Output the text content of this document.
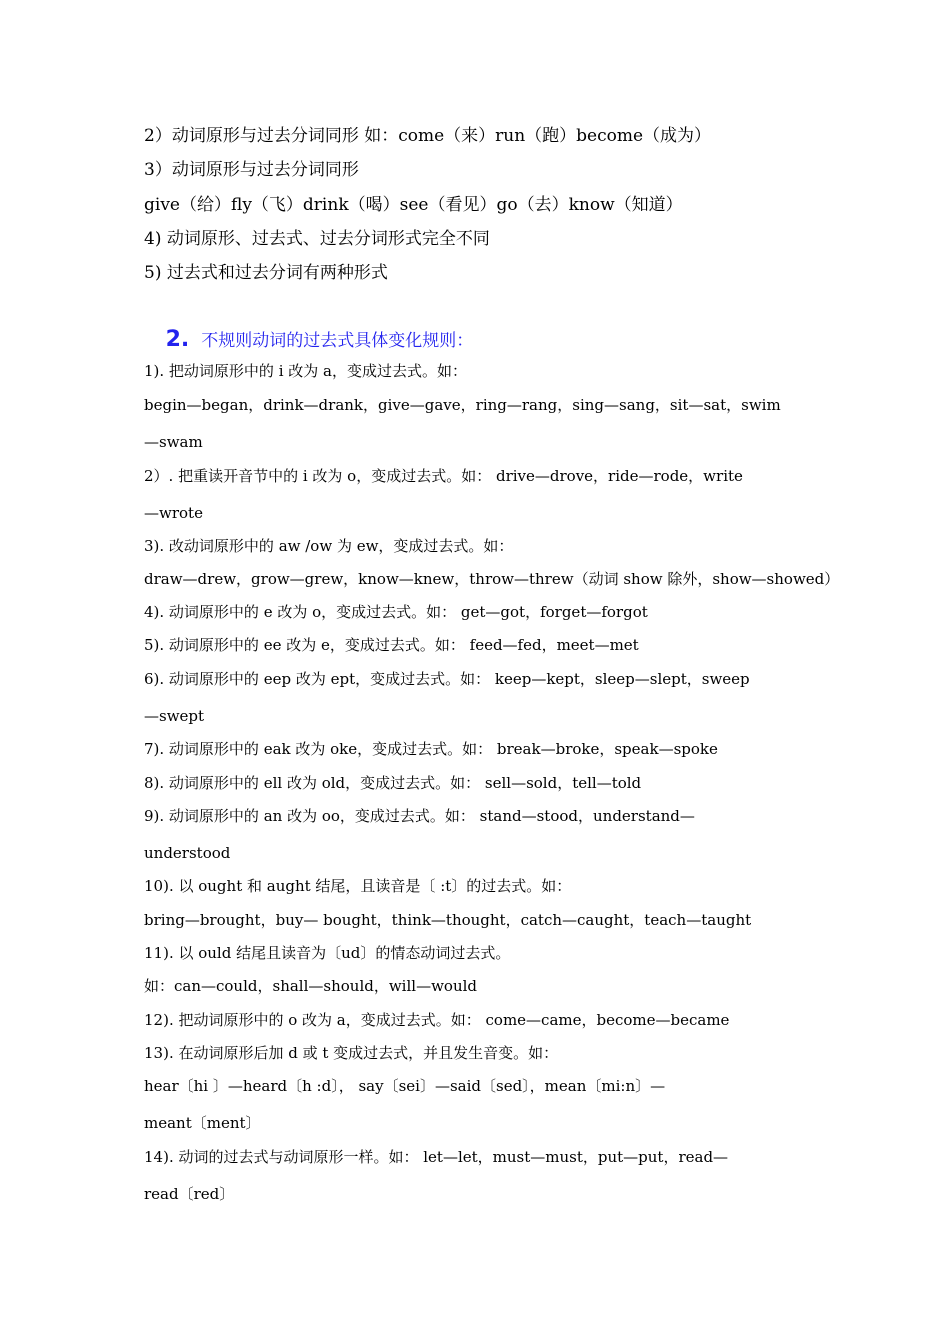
2）动词原形与过去分词同形 如：come（来）run（跑）become（成为）
3）动词原形与过去分词同形
give（给）fly（飞）drink（喝）see（看见）go（去）know（知道）
4) 动词原形、过去式、过去分词形式完全不同
5) 过去式和过去分词有两种形式

2. 不规则动词的过去式具体变化规则：

1). 把动词原形中的 i 改为 a，变成过去式。如：
begin—began，drink—drank，give—gave，ring—rang，sing—sang，sit—sat，swim
—swam
2）. 把重读开音节中的 i 改为 o，变成过去式。如： drive—drove，ride—rode，write
—wrote
3). 改动词原形中的 aw /ow 为 ew，变成过去式。如：
draw—drew，grow—grew，know—knew，throw—threw（动词 show 除外，show—showed）
4). 动词原形中的 e 改为 o，变成过去式。如： get—got，forget—forgot
5). 动词原形中的 ee 改为 e，变成过去式。如： feed—fed，meet—met
6). 动词原形中的 eep 改为 ept，变成过去式。如： keep—kept，sleep—slept，sweep
—swept
7). 动词原形中的 eak 改为 oke，变成过去式。如： break—broke，speak—spoke
8). 动词原形中的 ell 改为 old，变成过去式。如： sell—sold，tell—told
9). 动词原形中的 an 改为 oo，变成过去式。如： stand—stood，understand—
understood
10). 以 ought 和 aught 结尾，且读音是〔 :t〕的过去式。如：
bring—brought，buy— bought，think—thought，catch—caught，teach—taught
11). 以 ould 结尾且读音为〔ud〕的情态动词过去式。
如：can—could，shall—should，will—would
12). 把动词原形中的 o 改为 a，变成过去式。如： come—came，become—became
13). 在动词原形后加 d 或 t 变成过去式，并且发生音变。如：
hear〔hi 〕—heard〔h :d〕， say〔sei〕—said〔sed〕，mean〔mi:n〕—
meant〔ment〕
14). 动词的过去式与动词原形一样。如： let—let，must—must，put—put，read—
read〔red〕
